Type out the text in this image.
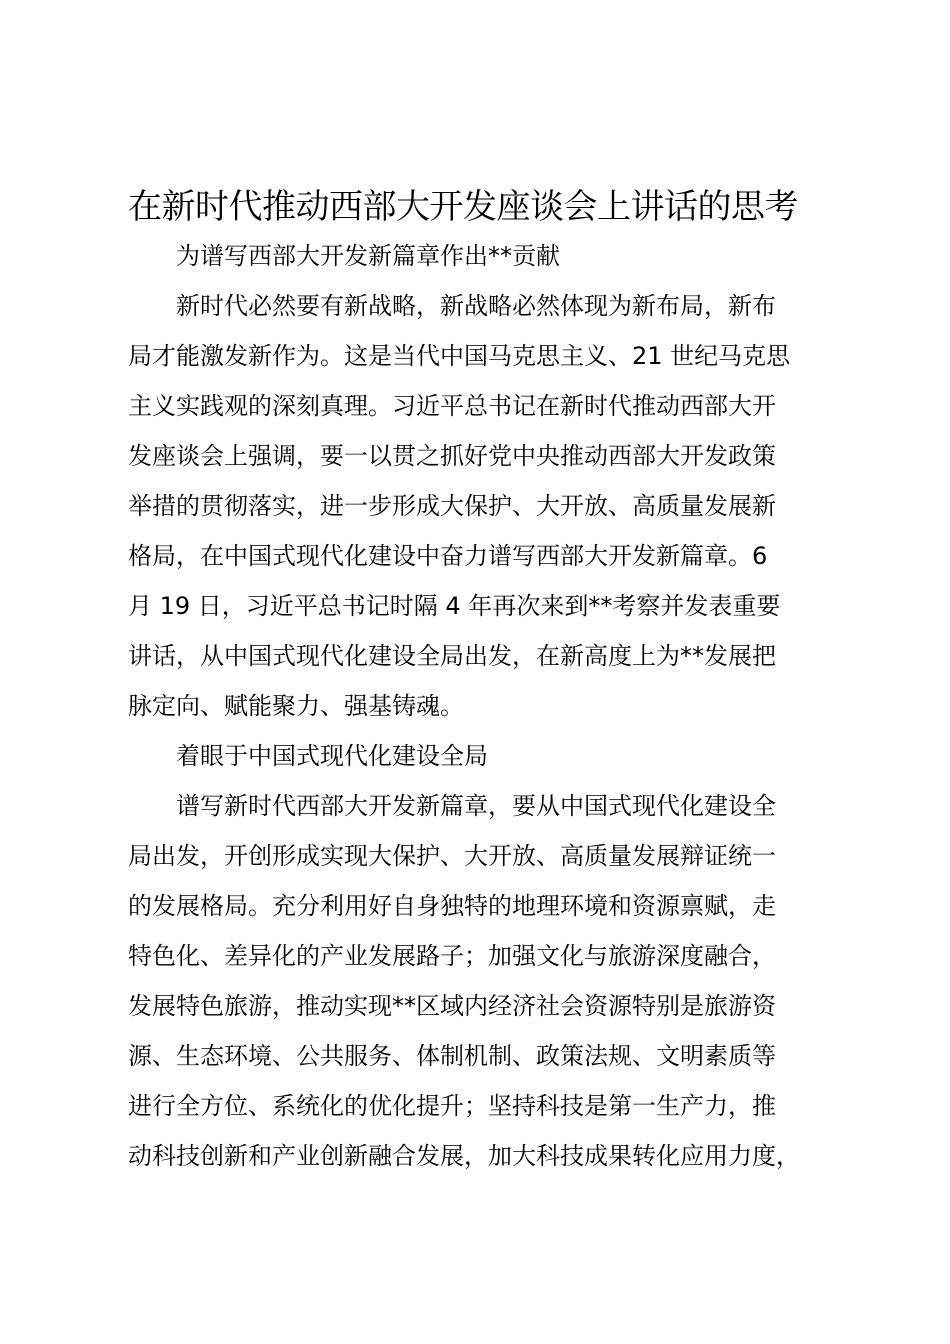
在新时代推动西部大开发座谈会上讲话的思考
为谱写西部大开发新篇章作出**贡献
新时代必然要有新战略，新战略必然体现为新布局，新布
局才能激发新作为。这是当代中国马克思主义、21 世纪马克思
主义实践观的深刻真理。习近平总书记在新时代推动西部大开
发座谈会上强调，要一以贯之抓好党中央推动西部大开发政策
举措的贯彻落实，进一步形成大保护、大开放、高质量发展新
格局，在中国式现代化建设中奋力谱写西部大开发新篇章。6
月 19 日，习近平总书记时隔 4 年再次来到**考察并发表重要
讲话，从中国式现代化建设全局出发，在新高度上为**发展把
脉定向、赋能聚力、强基铸魂。
着眼于中国式现代化建设全局
谱写新时代西部大开发新篇章，要从中国式现代化建设全
局出发，开创形成实现大保护、大开放、高质量发展辩证统一
的发展格局。充分利用好自身独特的地理环境和资源禀赋，走
特色化、差异化的产业发展路子；加强文化与旅游深度融合，
发展特色旅游，推动实现**区域内经济社会资源特别是旅游资
源、生态环境、公共服务、体制机制、政策法规、文明素质等
进行全方位、系统化的优化提升；坚持科技是第一生产力，推
动科技创新和产业创新融合发展，加大科技成果转化应用力度，
